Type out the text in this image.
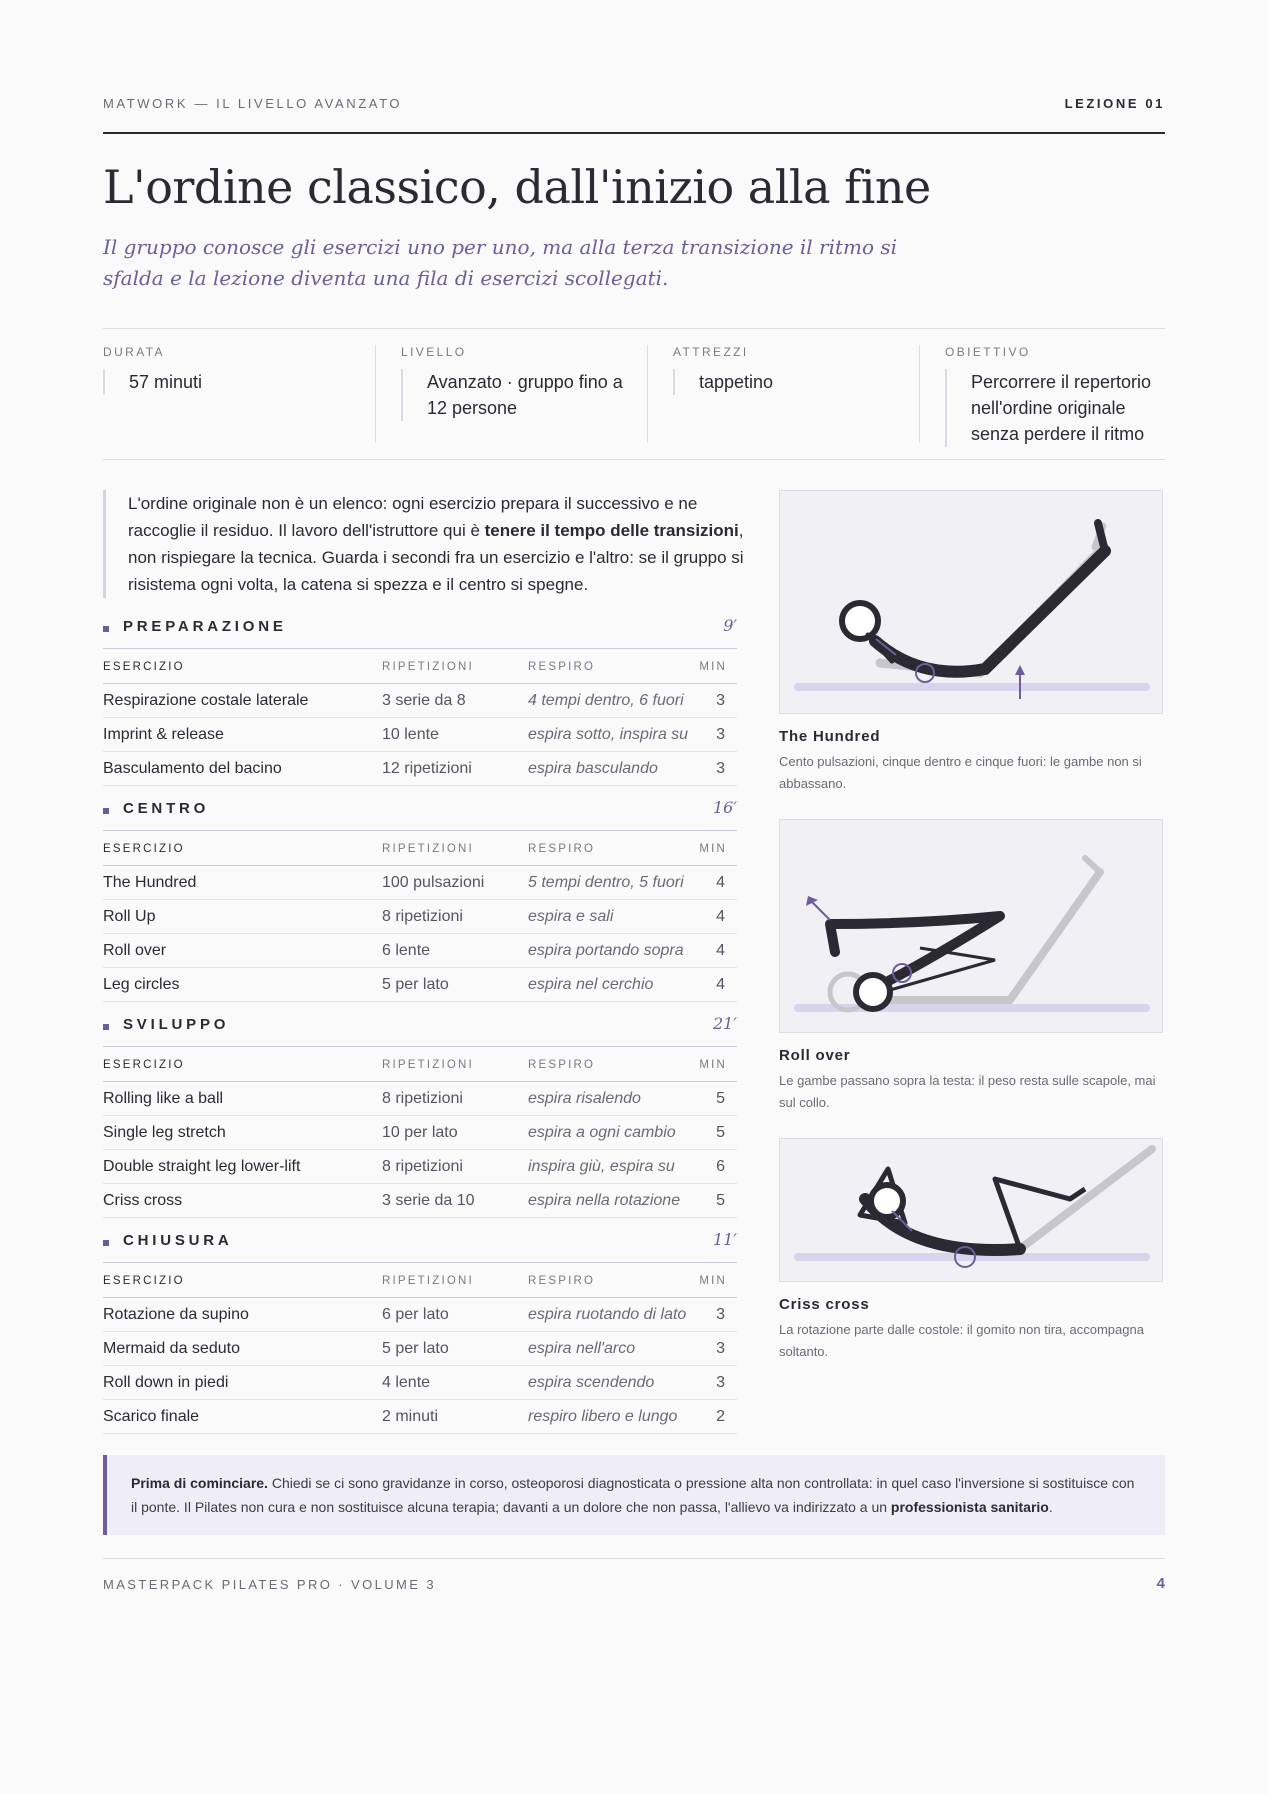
MATWORK — IL LIVELLO AVANZATO	LEZIONE 01
L'ordine classico, dall'inizio alla fine

Il gruppo conosce gli esercizi uno per uno, ma alla terza transizione il ritmo si sfalda e la lezione diventa una fila di esercizi scollegati.

DURATA
57 minuti
LIVELLO
Avanzato · gruppo fino a 12 persone
ATTREZZI
tappetino
OBIETTIVO
Percorrere il repertorio nell'ordine originale senza perdere il ritmo
L'ordine originale non è un elenco: ogni esercizio prepara il successivo e ne raccoglie il residuo. Il lavoro dell'istruttore qui è tenere il tempo delle transizioni, non rispiegare la tecnica. Guarda i secondi fra un esercizio e l'altro: se il gruppo si risistema ogni volta, la catena si spezza e il centro si spegne.
PREPARAZIONE	9′
ESERCIZIO	RIPETIZIONI	RESPIRO	MIN
Respirazione costale laterale	3 serie da 8	4 tempi dentro, 6 fuori 3
Imprint & release	10 lente	espira sotto, inspira su 3
Basculamento del bacino	12 ripetizioni	espira basculando	3
CENTRO	16′
ESERCIZIO	RIPETIZIONI	RESPIRO	MIN
The Hundred	100 pulsazioni	5 tempi dentro, 5 fuori 4
Roll Up	8 ripetizioni	espira e sali	4
Roll over	6 lente	espira portando sopra 4
Leg circles	5 per lato	espira nel cerchio	4
SVILUPPO	21′
ESERCIZIO	RIPETIZIONI	RESPIRO	MIN
Rolling like a ball	8 ripetizioni	espira risalendo	5
Single leg stretch	10 per lato	espira a ogni cambio	5
Double straight leg lower-lift	8 ripetizioni	inspira giù, espira su	6
Criss cross	3 serie da 10	espira nella rotazione 5
CHIUSURA	11′
ESERCIZIO	RIPETIZIONI	RESPIRO	MIN
Rotazione da supino	6 per lato	espira ruotando di lato 3
Mermaid da seduto	5 per lato	espira nell'arco	3
Roll down in piedi	4 lente	espira scendendo	3
Scarico finale	2 minuti	respiro libero e lungo 2
The Hundred
Cento pulsazioni, cinque dentro e cinque fuori: le gambe non si abbassano.
Roll over
Le gambe passano sopra la testa: il peso resta sulle scapole, mai sul collo.
Criss cross
La rotazione parte dalle costole: il gomito non tira, accompagna soltanto.
Prima di cominciare. Chiedi se ci sono gravidanze in corso, osteoporosi diagnosticata o pressione alta non controllata: in quel caso l'inversione si sostituisce con il ponte. Il Pilates non cura e non sostituisce alcuna terapia; davanti a un dolore che non passa, l'allievo va indirizzato a un professionista sanitario.
MASTERPACK PILATES PRO · VOLUME 3	4
